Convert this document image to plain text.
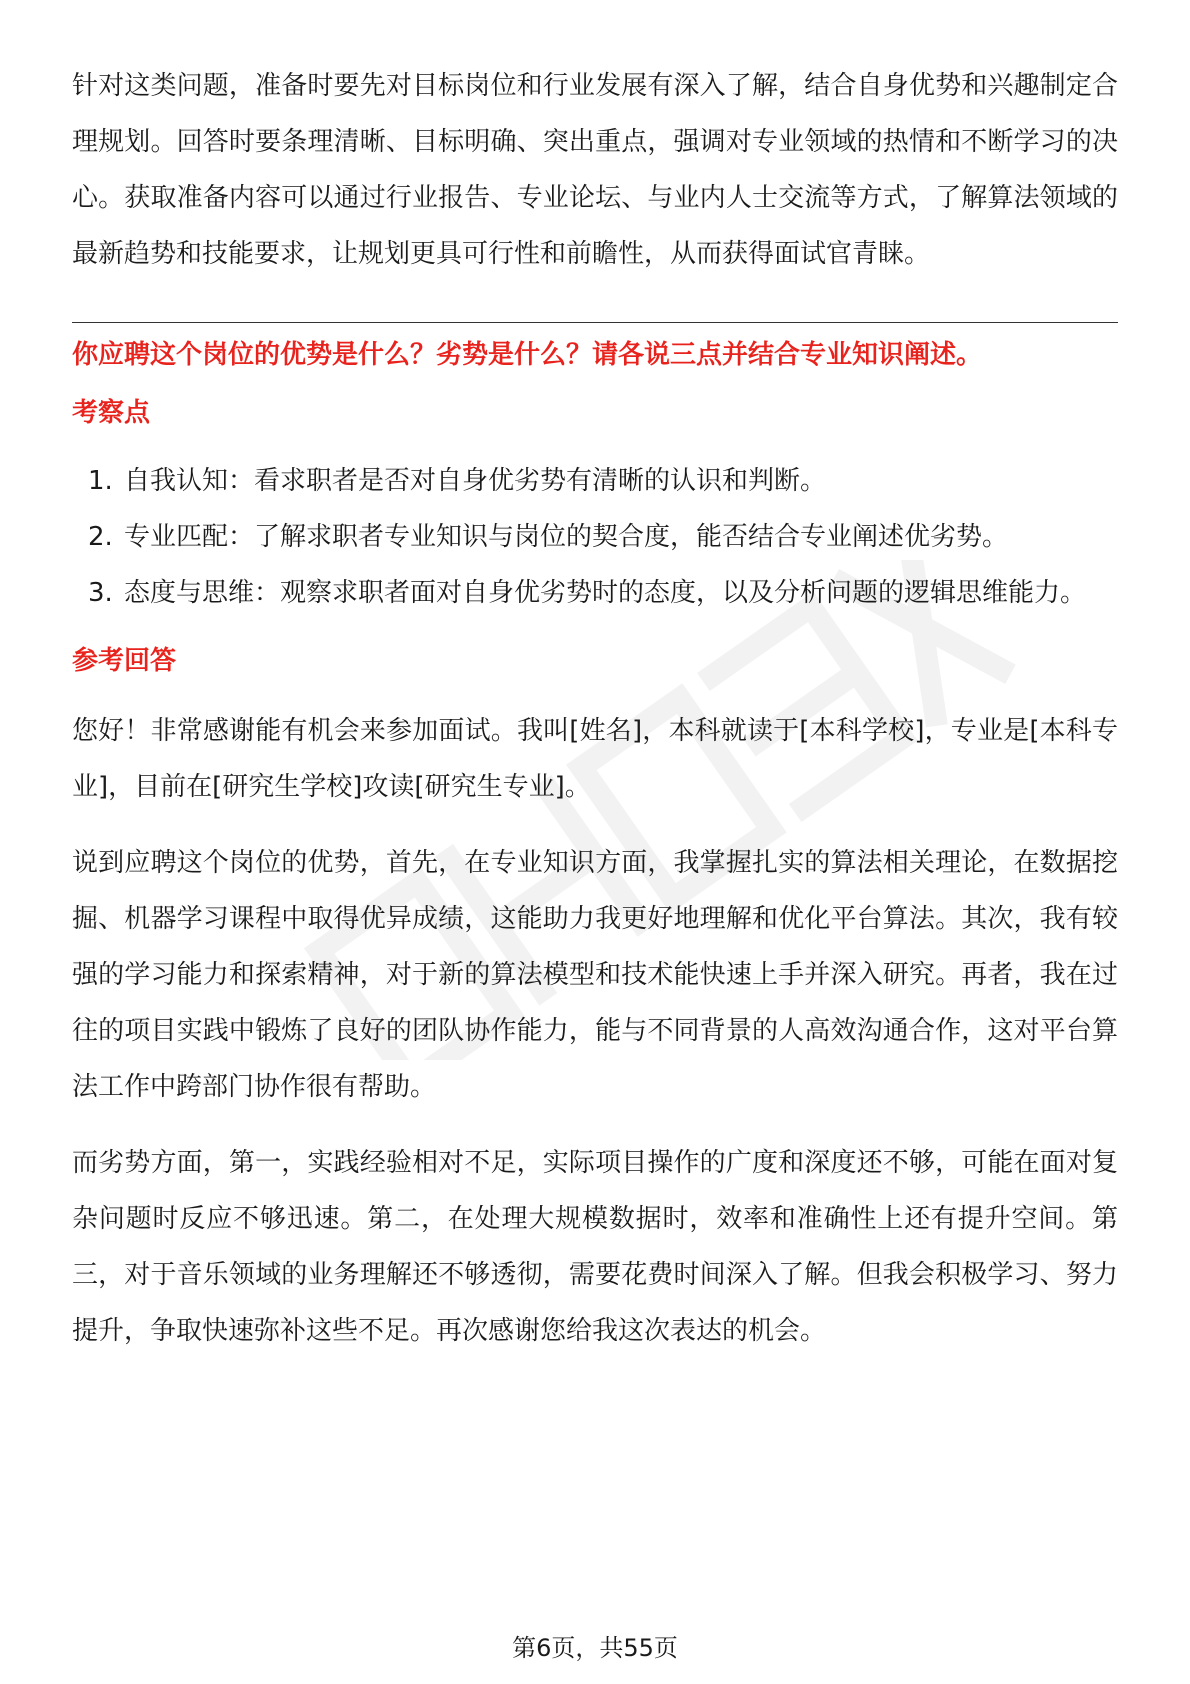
针对这类问题，准备时要先对目标岗位和行业发展有深入了解，结合自身优势和兴趣制定合理规划。回答时要条理清晰、目标明确、突出重点，强调对专业领域的热情和不断学习的决心。获取准备内容可以通过行业报告、专业论坛、与业内人士交流等方式，了解算法领域的最新趋势和技能要求，让规划更具可行性和前瞻性，从而获得面试官青睐。

你应聘这个岗位的优势是什么？劣势是什么？请各说三点并结合专业知识阐述。

考察点

1. 自我认知：看求职者是否对自身优劣势有清晰的认识和判断。
2. 专业匹配：了解求职者专业知识与岗位的契合度，能否结合专业阐述优劣势。
3. 态度与思维：观察求职者面对自身优劣势时的态度，以及分析问题的逻辑思维能力。

参考回答

您好！非常感谢能有机会来参加面试。我叫[姓名]，本科就读于[本科学校]，专业是[本科专业]，目前在[研究生学校]攻读[研究生专业]。

说到应聘这个岗位的优势，首先，在专业知识方面，我掌握扎实的算法相关理论，在数据挖掘、机器学习课程中取得优异成绩，这能助力我更好地理解和优化平台算法。其次，我有较强的学习能力和探索精神，对于新的算法模型和技术能快速上手并深入研究。再者，我在过往的项目实践中锻炼了良好的团队协作能力，能与不同背景的人高效沟通合作，这对平台算法工作中跨部门协作很有帮助。

而劣势方面，第一，实践经验相对不足，实际项目操作的广度和深度还不够，可能在面对复杂问题时反应不够迅速。第二，在处理大规模数据时，效率和准确性上还有提升空间。第三，对于音乐领域的业务理解还不够透彻，需要花费时间深入了解。但我会积极学习、努力提升，争取快速弥补这些不足。再次感谢您给我这次表达的机会。

第6页，共55页
